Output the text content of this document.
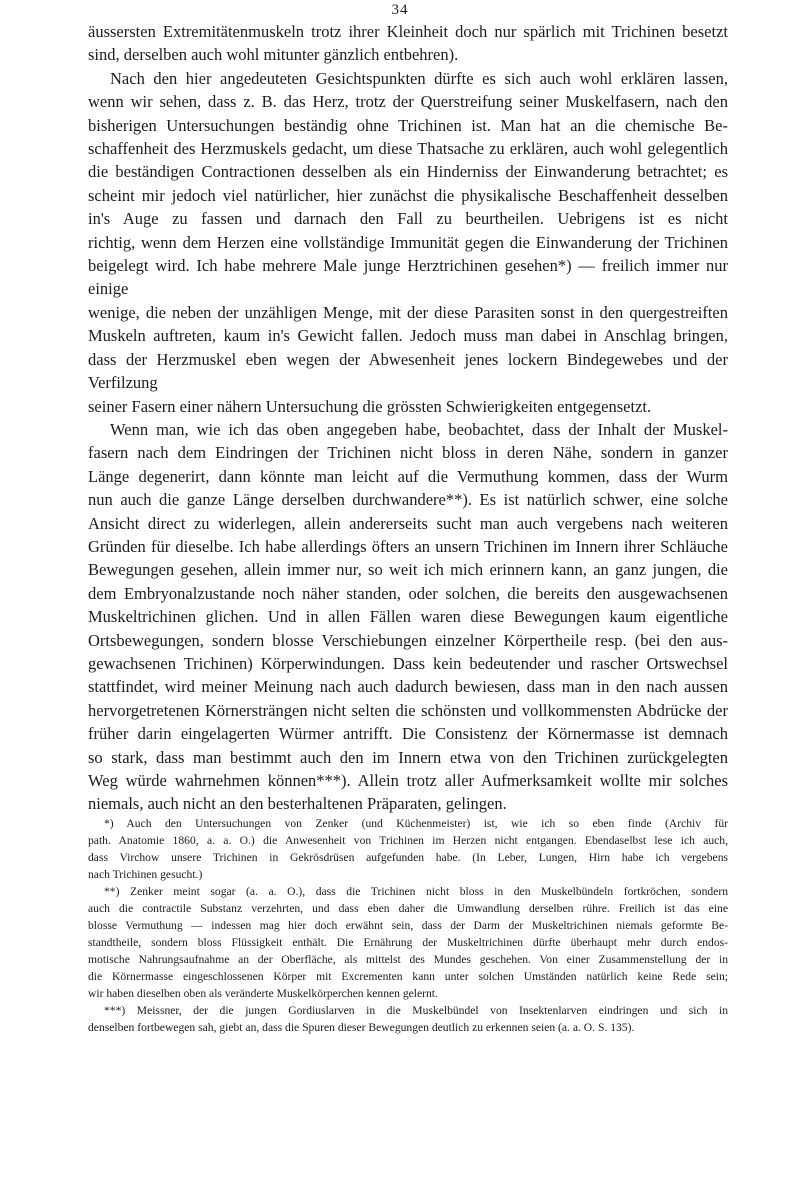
34

äussersten Extremitätenmuskeln trotz ihrer Kleinheit doch nur spärlich mit Trichinen besetzt

sind, derselben auch wohl mitunter gänzlich entbehren).

Nach den hier angedeuteten Gesichtspunkten dürfte es sich auch wohl erklären lassen,

wenn wir sehen, dass z. B. das Herz, trotz der Querstreifung seiner Muskelfasern, nach den

bisherigen Untersuchungen beständig ohne Trichinen ist. Man hat an die chemische Be-

schaffenheit des Herzmuskels gedacht, um diese Thatsache zu erklären, auch wohl gelegentlich

die beständigen Contractionen desselben als ein Hinderniss der Einwanderung betrachtet; es

scheint mir jedoch viel natürlicher, hier zunächst die physikalische Beschaffenheit desselben

in's Auge zu fassen und darnach den Fall zu beurtheilen. Uebrigens ist es nicht

richtig, wenn dem Herzen eine vollständige Immunität gegen die Einwanderung der Trichinen

beigelegt wird. Ich habe mehrere Male junge Herztrichinen gesehen*) — freilich immer nur einige

wenige, die neben der unzähligen Menge, mit der diese Parasiten sonst in den quergestreiften

Muskeln auftreten, kaum in's Gewicht fallen. Jedoch muss man dabei in Anschlag bringen,

dass der Herzmuskel eben wegen der Abwesenheit jenes lockern Bindegewebes und der Verfilzung

seiner Fasern einer nähern Untersuchung die grössten Schwierigkeiten entgegensetzt.

Wenn man, wie ich das oben angegeben habe, beobachtet, dass der Inhalt der Muskel-

fasern nach dem Eindringen der Trichinen nicht bloss in deren Nähe, sondern in ganzer

Länge degenerirt, dann könnte man leicht auf die Vermuthung kommen, dass der Wurm

nun auch die ganze Länge derselben durchwandere**). Es ist natürlich schwer, eine solche

Ansicht direct zu widerlegen, allein andererseits sucht man auch vergebens nach weiteren

Gründen für dieselbe. Ich habe allerdings öfters an unsern Trichinen im Innern ihrer Schläuche

Bewegungen gesehen, allein immer nur, so weit ich mich erinnern kann, an ganz jungen, die

dem Embryonalzustande noch näher standen, oder solchen, die bereits den ausgewachsenen

Muskeltrichinen glichen. Und in allen Fällen waren diese Bewegungen kaum eigentliche

Ortsbewegungen, sondern blosse Verschiebungen einzelner Körpertheile resp. (bei den aus-

gewachsenen Trichinen) Körperwindungen. Dass kein bedeutender und rascher Ortswechsel

stattfindet, wird meiner Meinung nach auch dadurch bewiesen, dass man in den nach aussen

hervorgetretenen Körnersträngen nicht selten die schönsten und vollkommensten Abdrücke der

früher darin eingelagerten Würmer antrifft. Die Consistenz der Körnermasse ist demnach

so stark, dass man bestimmt auch den im Innern etwa von den Trichinen zurückgelegten

Weg würde wahrnehmen können***). Allein trotz aller Aufmerksamkeit wollte mir solches

niemals, auch nicht an den besterhaltenen Präparaten, gelingen.

*) Auch den Untersuchungen von Zenker (und Küchenmeister) ist, wie ich so eben finde (Archiv für

path. Anatomie 1860, a. a. O.) die Anwesenheit von Trichinen im Herzen nicht entgangen. Ebendaselbst lese ich auch,

dass Virchow unsere Trichinen in Gekrösdrüsen aufgefunden habe. (In Leber, Lungen, Hirn habe ich vergebens

nach Trichinen gesucht.)

**) Zenker meint sogar (a. a. O.), dass die Trichinen nicht bloss in den Muskelbündeln fortkröchen, sondern

auch die contractile Substanz verzehrten, und dass eben daher die Umwandlung derselben rühre. Freilich ist das eine

blosse Vermuthung — indessen mag hier doch erwähnt sein, dass der Darm der Muskeltrichinen niemals geformte Be-

standtheile, sondern bloss Flüssigkeit enthält. Die Ernährung der Muskeltrichinen dürfte überhaupt mehr durch endos-

motische Nahrungsaufnahme an der Oberfläche, als mittelst des Mundes geschehen. Von einer Zusammenstellung der in

die Körnermasse eingeschlossenen Körper mit Excrementen kann unter solchen Umständen natürlich keine Rede sein;

wir haben dieselben oben als veränderte Muskelkörperchen kennen gelernt.

***) Meissner, der die jungen Gordiuslarven in die Muskelbündel von Insektenlarven eindringen und sich in

denselben fortbewegen sah, giebt an, dass die Spuren dieser Bewegungen deutlich zu erkennen seien (a. a. O. S. 135).
